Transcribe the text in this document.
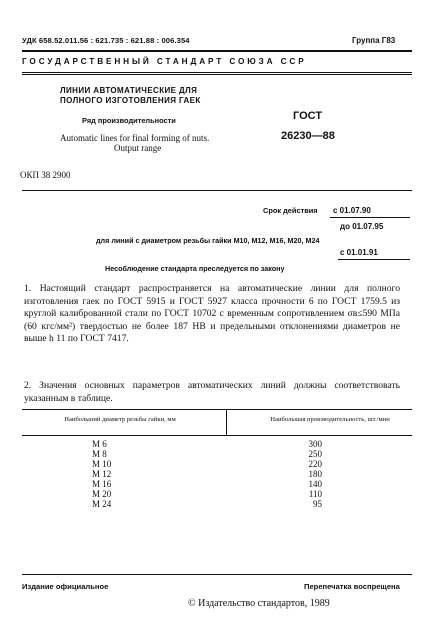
УДК 658.52.011.56 : 621.735 : 621.88 : 006.354	Группа Г83
ГОСУДАРСТВЕННЫЙ СТАНДАРТ СОЮЗА ССР
ЛИНИИ АВТОМАТИЧЕСКИЕ ДЛЯ
ПОЛНОГО ИЗГОТОВЛЕНИЯ ГАЕК
Ряд производительности	ГОСТ
26230—88
Automatic lines for final forming of nuts.
Output range
ОКП 38 2900
Срок действия с 01.07.90
до 01.07.95
для линий с диаметром резьбы гайки М10, М12, М16, М20, М24
с 01.01.91
Несоблюдение стандарта преследуется по закону
1. Настоящий стандарт распространяется на автоматические линии для полного изготовления гаек по ГОСТ 5915 и ГОСТ 5927 класса прочности 6 по ГОСТ 1759.5 из круглой калиброванной стали по ГОСТ 10702 с временным сопротивлением σв≤590 МПа (60 кгс/мм²) твердостью не более 187 НВ и предельными отклонениями диаметров не выше h 11 по ГОСТ 7417.
2. Значения основных параметров автоматических линий должны соответствовать указанным в таблице.
Наибольший диаметр резьбы гайки, мм	Наибольшая производительность, шт./мин
М 6	300
М 8	250
М 10	220
М 12	180
М 16	140
М 20	110
М 24	95
Издание официальное	Перепечатка воспрещена
© Издательство стандартов, 1989
